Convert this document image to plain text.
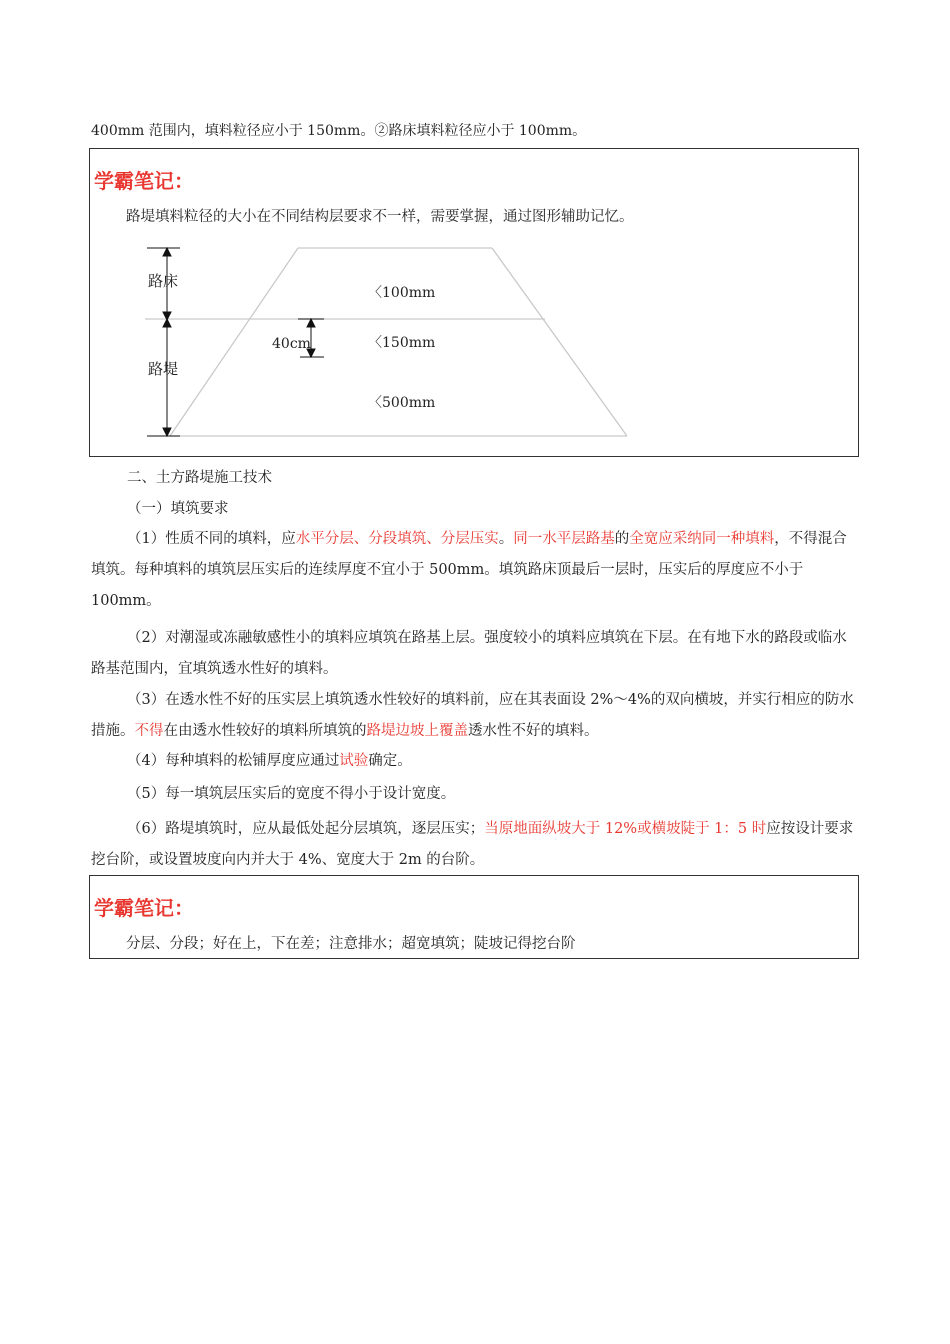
400mm 范围内，填料粒径应小于 150mm。②路床填料粒径应小于 100mm。
学霸笔记：
路堤填料粒径的大小在不同结构层要求不一样，需要掌握，通过图形辅助记忆。
路床
路堤
40cm
〈100mm
〈150mm
〈500mm
二、土方路堤施工技术
（一）填筑要求
（1）性质不同的填料，应水平分层、分段填筑、分层压实。同一水平层路基的全宽应采纳同一种填料，不得混合填筑。每种填料的填筑层压实后的连续厚度不宜小于 500mm。填筑路床顶最后一层时，压实后的厚度应不小于 100mm。
（2）对潮湿或冻融敏感性小的填料应填筑在路基上层。强度较小的填料应填筑在下层。在有地下水的路段或临水路基范围内，宜填筑透水性好的填料。
（3）在透水性不好的压实层上填筑透水性较好的填料前，应在其表面设 2%～4%的双向横坡，并实行相应的防水措施。不得在由透水性较好的填料所填筑的路堤边坡上覆盖透水性不好的填料。
（4）每种填料的松铺厚度应通过试验确定。
（5）每一填筑层压实后的宽度不得小于设计宽度。
（6）路堤填筑时，应从最低处起分层填筑，逐层压实；当原地面纵坡大于 12%或横坡陡于 1：5 时应按设计要求挖台阶，或设置坡度向内并大于 4%、宽度大于 2m 的台阶。
学霸笔记：
分层、分段；好在上，下在差；注意排水；超宽填筑；陡坡记得挖台阶
